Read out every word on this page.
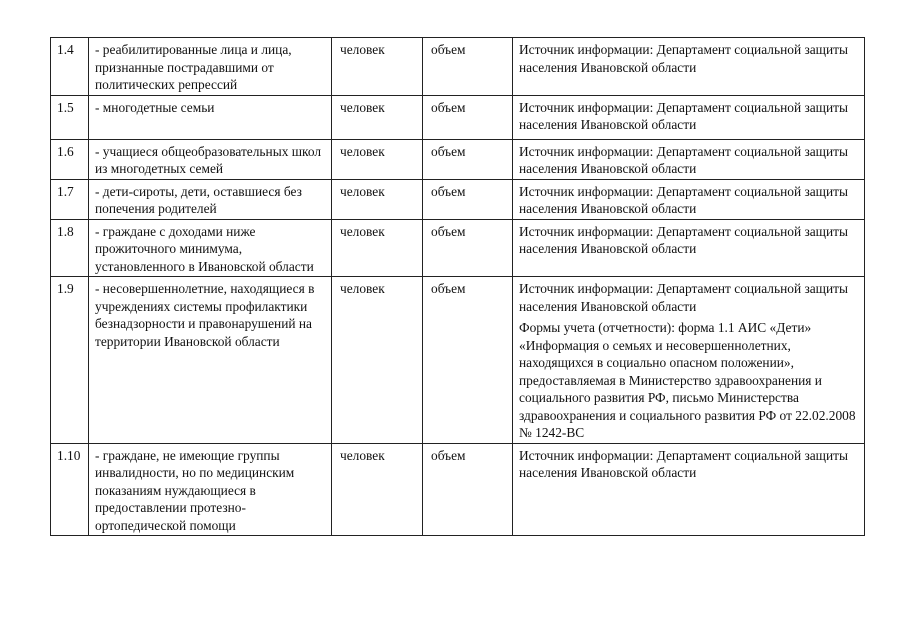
1.4	- реабилитированные лица и лица, признанные пострадавшими от политических репрессий	человек	объем	Источник информации: Департамент социальной защиты населения Ивановской области

1.5	- многодетные семьи	человек	объем	Источник информации: Департамент социальной защиты населения Ивановской области

1.6	- учащиеся общеобразовательных школ из многодетных семей	человек	объем	Источник информации: Департамент социальной защиты населения Ивановской области

1.7	- дети-сироты, дети, оставшиеся без попечения родителей	человек	объем	Источник информации: Департамент социальной защиты населения Ивановской области

1.8	- граждане с доходами ниже прожиточного минимума, установленного в Ивановской области	человек	объем	Источник информации: Департамент социальной защиты населения Ивановской области

1.9	- несовершеннолетние, находящиеся в учреждениях системы профилактики безнадзорности и правонарушений на территории Ивановской области	человек	объем	Источник информации: Департамент социальной защиты населения Ивановской области
Формы учета (отчетности): форма 1.1 АИС «Дети» «Информация о семьях и несовершеннолетних, находящихся в социально опасном положении», предоставляемая в Министерство здравоохранения и социального развития РФ, письмо Министерства здравоохранения и социального развития РФ от 22.02.2008 № 1242-ВС

1.10	- граждане, не имеющие группы инвалидности, но по медицинским показаниям нуждающиеся в предоставлении протезно-ортопедической помощи	человек	объем	Источник информации: Департамент социальной защиты населения Ивановской области
